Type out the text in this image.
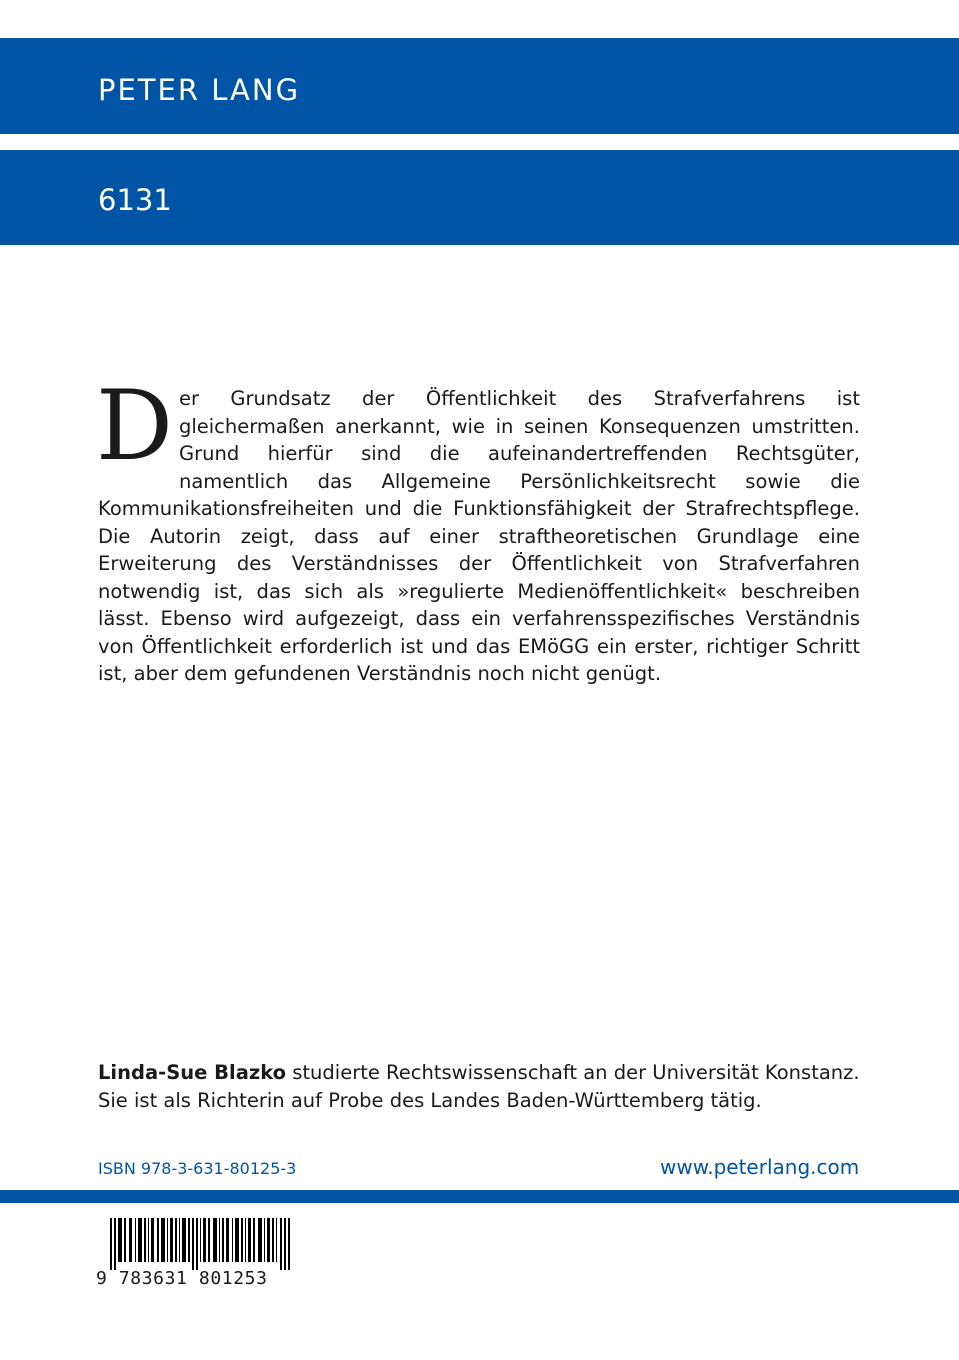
PETER LANG
6131
D er Grundsatz der Öffentlichkeit des Strafverfahrens ist gleichermaßen anerkannt, wie in seinen Konsequenzen umstritten. Grund hierfür sind die aufeinandertreffenden Rechtsgüter, namentlich das Allgemeine Persönlichkeitsrecht sowie die Kommunikationsfreiheiten und die Funktionsfähigkeit der Strafrechtspflege. Die Autorin zeigt, dass auf einer straftheoretischen Grundlage eine Erweiterung des Verständnisses der Öffentlichkeit von Strafverfahren notwendig ist, das sich als »regulierte Medienöffentlichkeit« beschreiben lässt. Ebenso wird aufgezeigt, dass ein verfahrensspezifisches Verständnis von Öffentlichkeit erforderlich ist und das EMöGG ein erster, richtiger Schritt ist, aber dem gefundenen Verständnis noch nicht genügt.
Linda-Sue Blazko studierte Rechtswissenschaft an der Universität Konstanz. Sie ist als Richterin auf Probe des Landes Baden-Württemberg tätig.
ISBN 978-3-631-80125-3	www.peterlang.com
9 783631 801253
